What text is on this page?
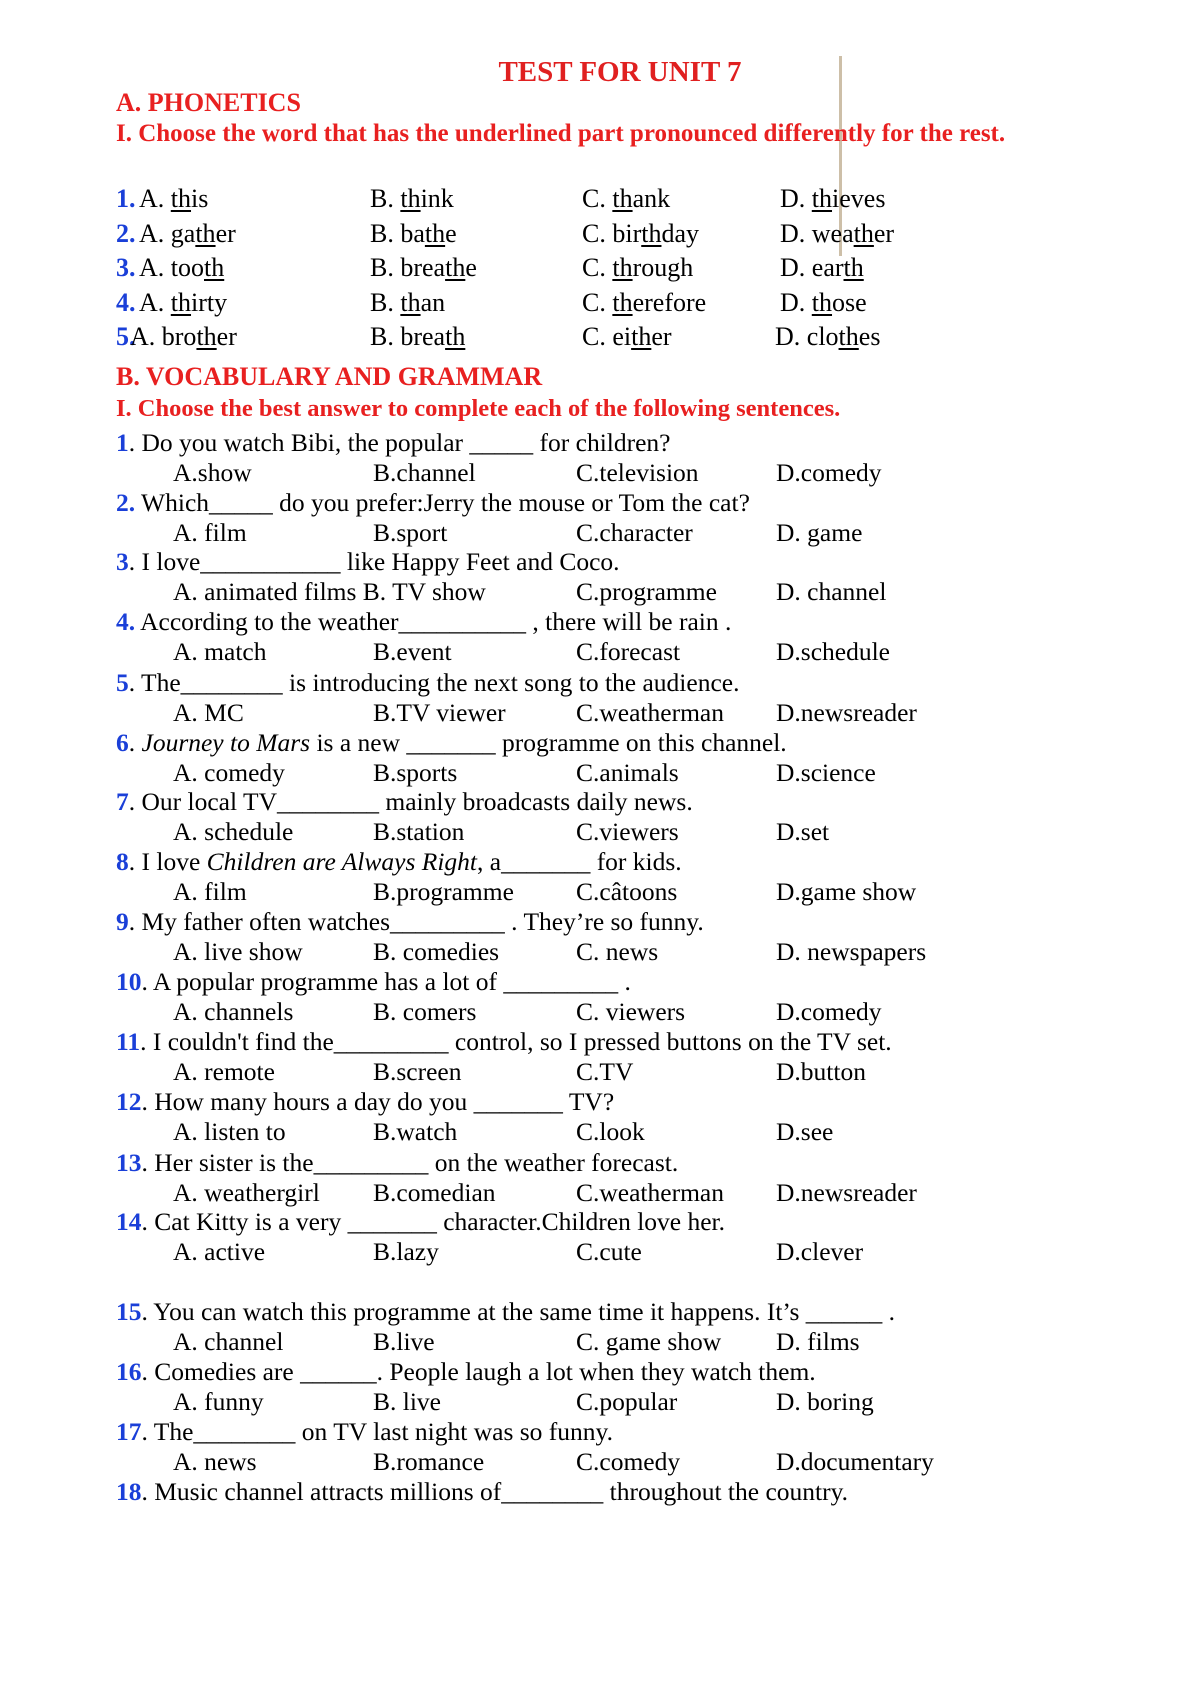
TEST FOR UNIT 7
A. PHONETICS
I. Choose the word that has the underlined part pronounced differently for the rest.
1. A. this	B. think	C. thank	D. thieves
2. A. gather	B. bathe	C. birthday	D. weather
3. A. tooth	B. breathe	C. through	D. earth
4. A. thirty	B. than	C. therefore	D. those
5.
A. brother	B. breath	C. either	D. clothes
B. VOCABULARY AND GRAMMAR
I. Choose the best answer to complete each of the following sentences.
1. Do you watch Bibi, the popular _____ for children?
A.show	B.channel	C.television	D.comedy
2. Which_____ do you prefer:Jerry the mouse or Tom the cat?
A. film	B.sport	C.character	D. game
3. I love___________ like Happy Feet and Coco.
A. animated films B. TV show	C.programme D. channel
4. According to the weather__________ , there will be rain .
A. match	B.event	C.forecast	D.schedule
5. The________ is introducing the next song to the audience.
A. MC	B.TV viewer	C.weatherman D.newsreader
6. Journey to Mars is a new _______ programme on this channel.
A. comedy	B.sports	C.animals	D.science
7. Our local TV________ mainly broadcasts daily news.
A. schedule	B.station	C.viewers	D.set
8. I love Children are Always Right, a_______ for kids.
A. film	B.programme C.câtoons	D.game show
9. My father often watches_________ . They’re so funny.
A. live show	B. comedies	C. news	D. newspapers
10. A popular programme has a lot of _________ .
A. channels	B. comers	C. viewers	D.comedy
11. I couldn't find the_________ control, so I pressed buttons on the TV set.
A. remote	B.screen	C.TV	D.button
12. How many hours a day do you _______ TV?
A. listen to	B.watch	C.look	D.see
13. Her sister is the_________ on the weather forecast.
A. weathergirl B.comedian	C.weatherman D.newsreader
14. Cat Kitty is a very _______ character.Children love her.
A. active	B.lazy	C.cute	D.clever
15. You can watch this programme at the same time it happens. It’s ______ .
A. channel	B.live	C. game show D. films
16. Comedies are ______. People laugh a lot when they watch them.
A. funny	B. live	C.popular	D. boring
17. The________ on TV last night was so funny.
A. news	B.romance	C.comedy	D.documentary
18. Music channel attracts millions of________ throughout the country.
